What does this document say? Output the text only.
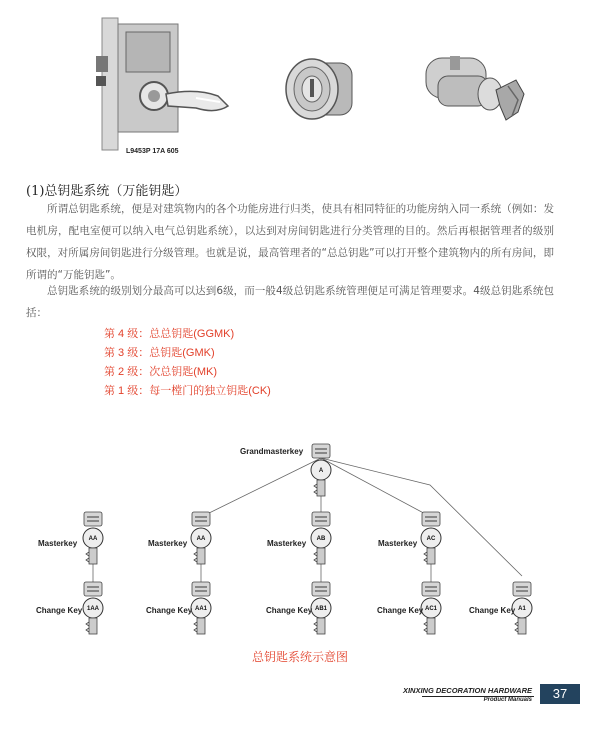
L9453P 17A 605
(1)总钥匙系统（万能钥匙）
所谓总钥匙系统，便是对建筑物内的各个功能房进行归类，使具有相同特征的功能房纳入同一系统（例如：发电机房，配电室便可以纳入电气总钥匙系统），以达到对房间钥匙进行分类管理的目的。然后再根据管理者的级别权限，对所属房间钥匙进行分级管理。也就是说，最高管理者的“总总钥匙”可以打开整个建筑物内的所有房间，即所谓的“万能钥匙”。
总钥匙系统的级别划分最高可以达到6级，而一般4级总钥匙系统管理便足可满足管理要求。4级总钥匙系统包括：
第 4 级：总总钥匙(GGMK)
第 3 级：总钥匙(GMK)
第 2 级：次总钥匙(MK)
第 1 级：每一樘门的独立钥匙(CK)
A
Grandmasterkey
AA	AA	AB	AC
Masterkey	Masterkey	Masterkey	Masterkey
1AA	AA1	AB1	AC1	A1
Change Key	Change Key	Change Key	Change Key	Change Key
总钥匙系统示意图
XINXING DECORATION HARDWARE
Product Manuals	37
